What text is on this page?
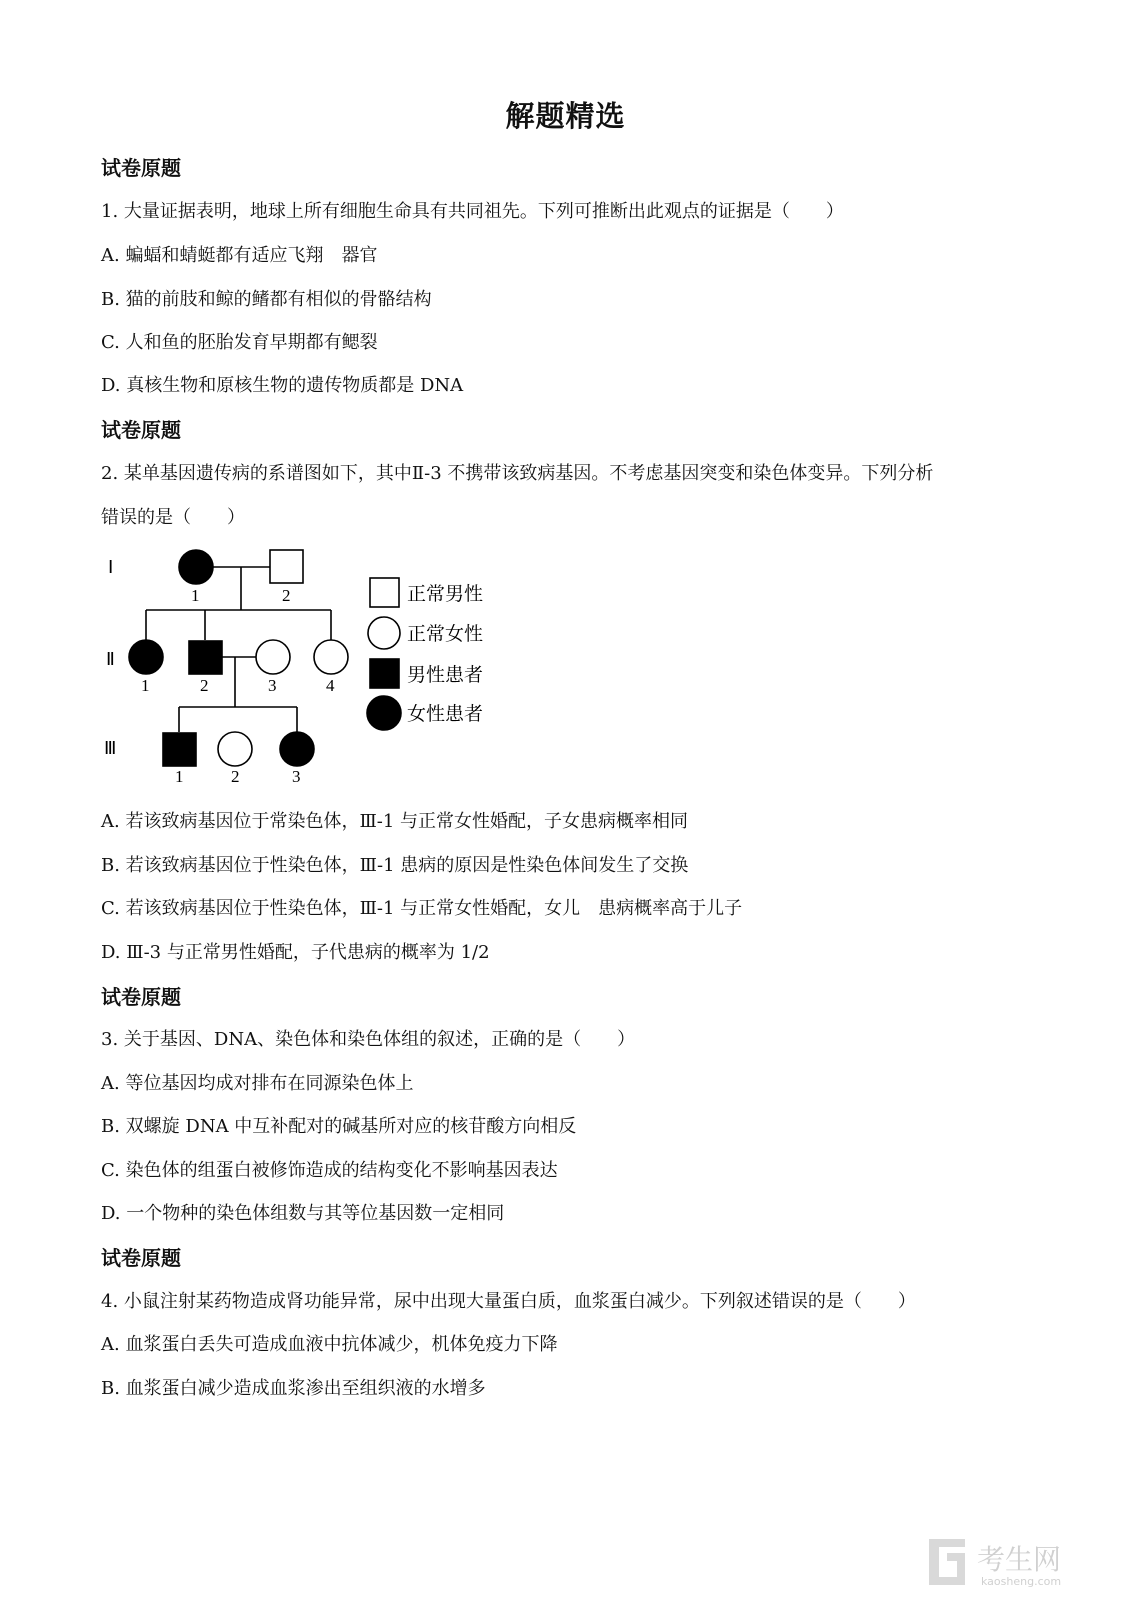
解题精选
试卷原题
1. 大量证据表明，地球上所有细胞生命具有共同祖先。下列可推断出此观点的证据是（　　）
A. 蝙蝠和蜻蜓都有适应飞翔　器官
B. 猫的前肢和鲸的鳍都有相似的骨骼结构
C. 人和鱼的胚胎发育早期都有鳃裂
D. 真核生物和原核生物的遗传物质都是 DNA
试卷原题
2. 某单基因遗传病的系谱图如下，其中Ⅱ-3 不携带该致病基因。不考虑基因突变和染色体变异。下列分析
错误的是（　　）
Ⅰ
Ⅱ
Ⅲ
1	2
1	2	3	4
1	2	3
正常男性
正常女性
男性患者
女性患者
A. 若该致病基因位于常染色体，Ⅲ-1 与正常女性婚配，子女患病概率相同
B. 若该致病基因位于性染色体，Ⅲ-1 患病的原因是性染色体间发生了交换
C. 若该致病基因位于性染色体，Ⅲ-1 与正常女性婚配，女儿　患病概率高于儿子
D. Ⅲ-3 与正常男性婚配，子代患病的概率为 1/2
试卷原题
3. 关于基因、DNA、染色体和染色体组的叙述，正确的是（　　）
A. 等位基因均成对排布在同源染色体上
B. 双螺旋 DNA 中互补配对的碱基所对应的核苷酸方向相反
C. 染色体的组蛋白被修饰造成的结构变化不影响基因表达
D. 一个物种的染色体组数与其等位基因数一定相同
试卷原题
4. 小鼠注射某药物造成肾功能异常，尿中出现大量蛋白质，血浆蛋白减少。下列叙述错误的是（　　）
A. 血浆蛋白丢失可造成血液中抗体减少，机体免疫力下降
B. 血浆蛋白减少造成血浆渗出至组织液的水增多
考生网
kaosheng.com
